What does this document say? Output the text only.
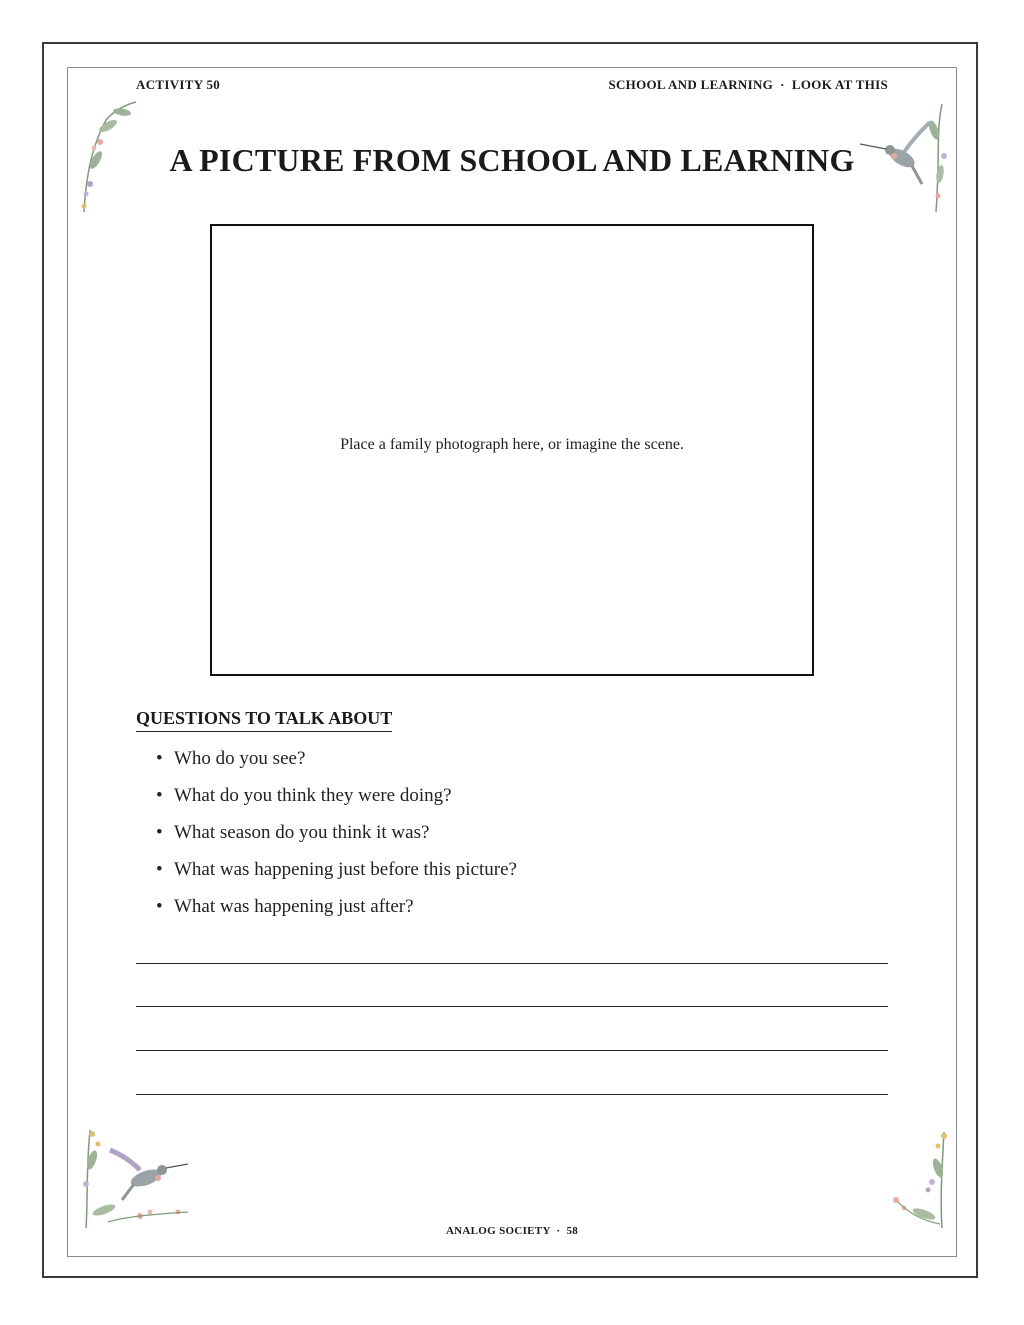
ACTIVITY 50	SCHOOL AND LEARNING  ·  LOOK AT THIS
A PICTURE FROM SCHOOL AND LEARNING
Place a family photograph here, or imagine the scene.
QUESTIONS TO TALK ABOUT
• Who do you see?
• What do you think they were doing?
• What season do you think it was?
• What was happening just before this picture?
• What was happening just after?
ANALOG SOCIETY  ·  58
